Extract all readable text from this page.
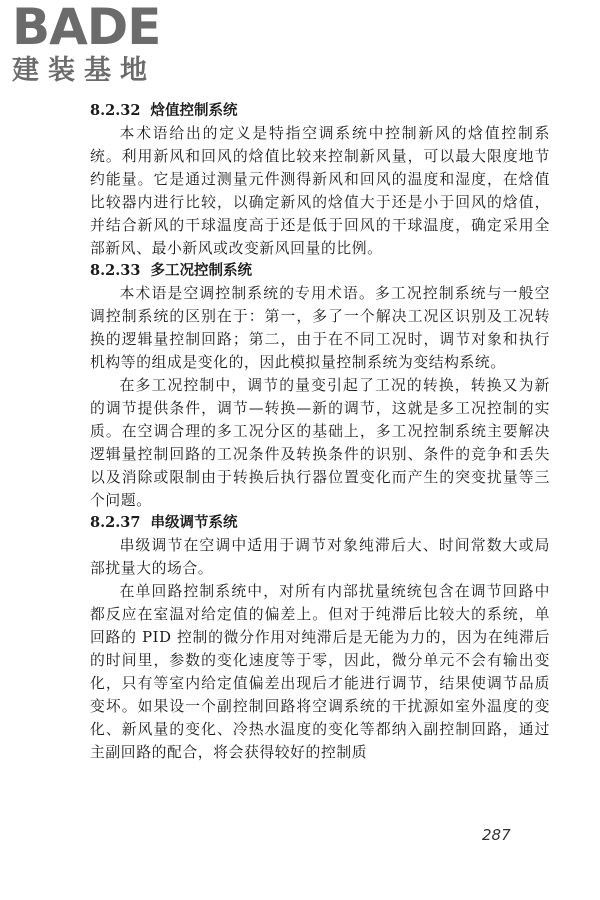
BADE
建装基地
8.2.32 焓值控制系统

本术语给出的定义是特指空调系统中控制新风的焓值控制系统。利用新风和回风的焓值比较来控制新风量，可以最大限度地节约能量。它是通过测量元件测得新风和回风的温度和湿度，在焓值比较器内进行比较，以确定新风的焓值大于还是小于回风的焓值，并结合新风的干球温度高于还是低于回风的干球温度，确定采用全部新风、最小新风或改变新风回量的比例。

8.2.33 多工况控制系统

本术语是空调控制系统的专用术语。多工况控制系统与一般空调控制系统的区别在于：第一，多了一个解决工况区识别及工况转换的逻辑量控制回路；第二，由于在不同工况时，调节对象和执行机构等的组成是变化的，因此模拟量控制系统为变结构系统。

在多工况控制中，调节的量变引起了工况的转换，转换又为新的调节提供条件，调节—转换—新的调节，这就是多工况控制的实质。在空调合理的多工况分区的基础上，多工况控制系统主要解决逻辑量控制回路的工况条件及转换条件的识别、条件的竞争和丢失以及消除或限制由于转换后执行器位置变化而产生的突变扰量等三个问题。

8.2.37 串级调节系统

串级调节在空调中适用于调节对象纯滞后大、时间常数大或局部扰量大的场合。

在单回路控制系统中，对所有内部扰量统统包含在调节回路中都反应在室温对给定值的偏差上。但对于纯滞后比较大的系统，单回路的 PID 控制的微分作用对纯滞后是无能为力的，因为在纯滞后的时间里，参数的变化速度等于零，因此，微分单元不会有输出变化，只有等室内给定值偏差出现后才能进行调节，结果使调节品质变坏。如果设一个副控制回路将空调系统的干扰源如室外温度的变化、新风量的变化、冷热水温度的变化等都纳入副控制回路，通过主副回路的配合，将会获得较好的控制质

287
